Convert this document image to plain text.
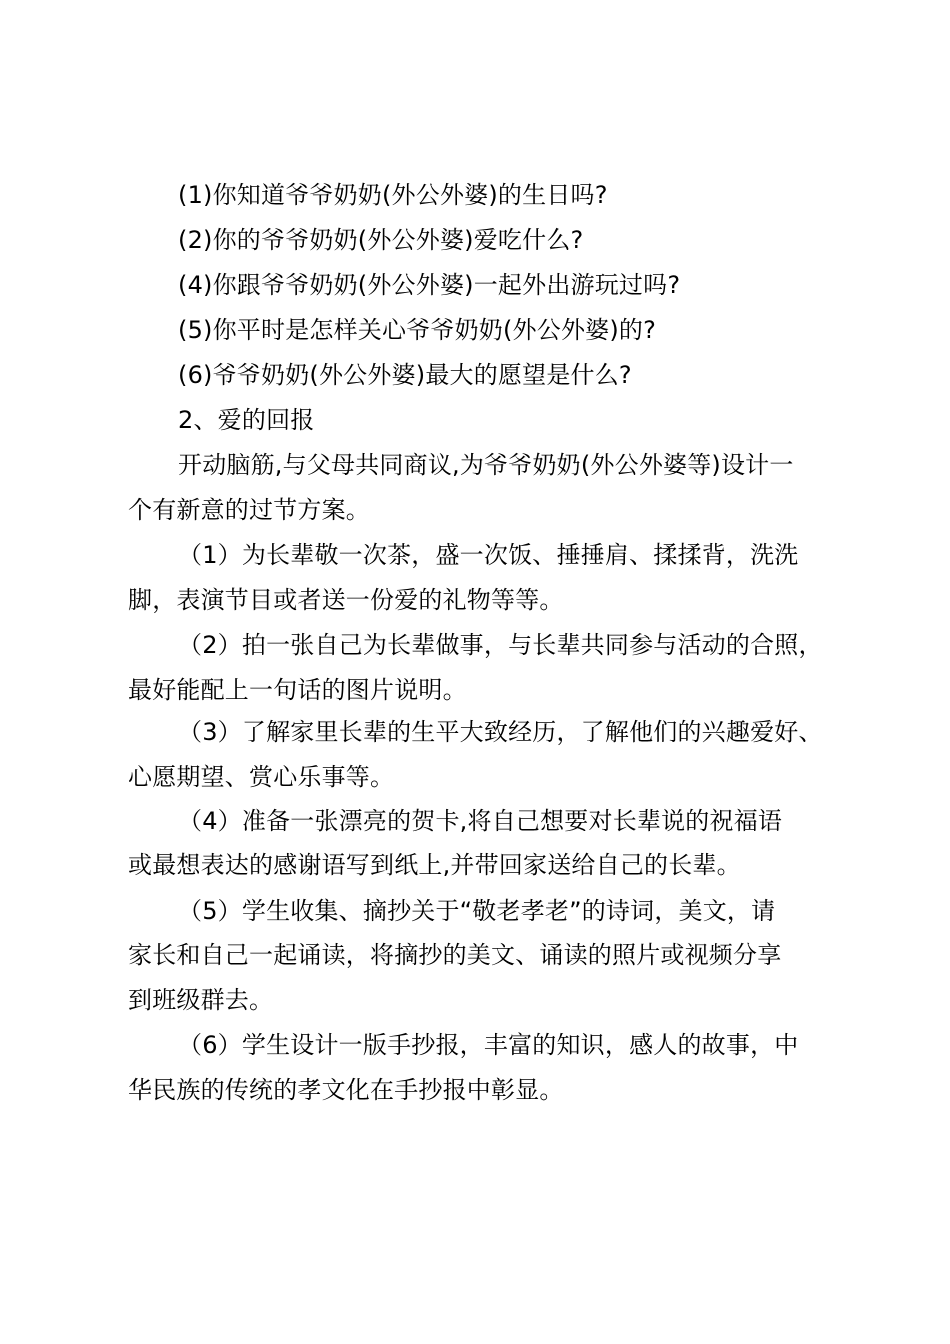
(1)你知道爷爷奶奶(外公外婆)的生日吗?
(2)你的爷爷奶奶(外公外婆)爱吃什么?
(4)你跟爷爷奶奶(外公外婆)一起外出游玩过吗?
(5)你平时是怎样关心爷爷奶奶(外公外婆)的?
(6)爷爷奶奶(外公外婆)最大的愿望是什么?
2、爱的回报
开动脑筋,与父母共同商议,为爷爷奶奶(外公外婆等)设计一
个有新意的过节方案。
（1）为长辈敬一次茶，盛一次饭、捶捶肩、揉揉背，洗洗
脚，表演节目或者送一份爱的礼物等等。
（2）拍一张自己为长辈做事，与长辈共同参与活动的合照，
最好能配上一句话的图片说明。
（3）了解家里长辈的生平大致经历，了解他们的兴趣爱好、
心愿期望、赏心乐事等。
（4）准备一张漂亮的贺卡,将自己想要对长辈说的祝福语
或最想表达的感谢语写到纸上,并带回家送给自己的长辈。
（5）学生收集、摘抄关于“敬老孝老”的诗词，美文，请
家长和自己一起诵读，将摘抄的美文、诵读的照片或视频分享
到班级群去。
（6）学生设计一版手抄报，丰富的知识，感人的故事，中
华民族的传统的孝文化在手抄报中彰显。
